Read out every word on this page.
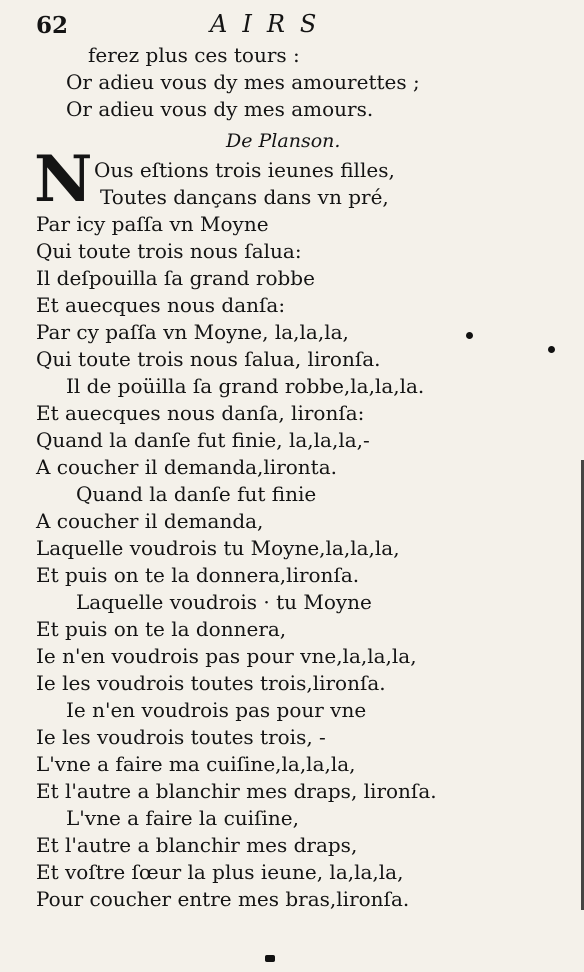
62	AIRS
ferez plus ces tours :
Or adieu vous dy mes amourettes ;
Or adieu vous dy mes amours.
De Planson.
N Ous eſtions trois ieunes filles,
Toutes dançans dans vn pré,
Par icy paſſa vn Moyne
Qui toute trois nous ſalua:
Il deſpouilla ſa grand robbe
Et auecques nous danſa:
Par cy paſſa vn Moyne, la,la,la,
Qui toute trois nous ſalua, lironſa.
Il de poüilla ſa grand robbe,la,la,la.
Et auecques nous danſa, lironſa:
Quand la danſe fut finie, la,la,la,-
A coucher il demanda,lironta.
Quand la danſe fut finie
A coucher il demanda,
Laquelle voudrois tu Moyne,la,la,la,
Et puis on te la donnera,lironſa.
Laquelle voudrois · tu Moyne
Et puis on te la donnera,
Ie n'en voudrois pas pour vne,la,la,la,
Ie les voudrois toutes trois,lironſa.
Ie n'en voudrois pas pour vne
Ie les voudrois toutes trois, -
L'vne a faire ma cuiſine,la,la,la,
Et l'autre a blanchir mes draps, lironſa.
L'vne a faire la cuiſine,
Et l'autre a blanchir mes draps,
Et voſtre ſœur la plus ieune, la,la,la,
Pour coucher entre mes bras,lironſa.
